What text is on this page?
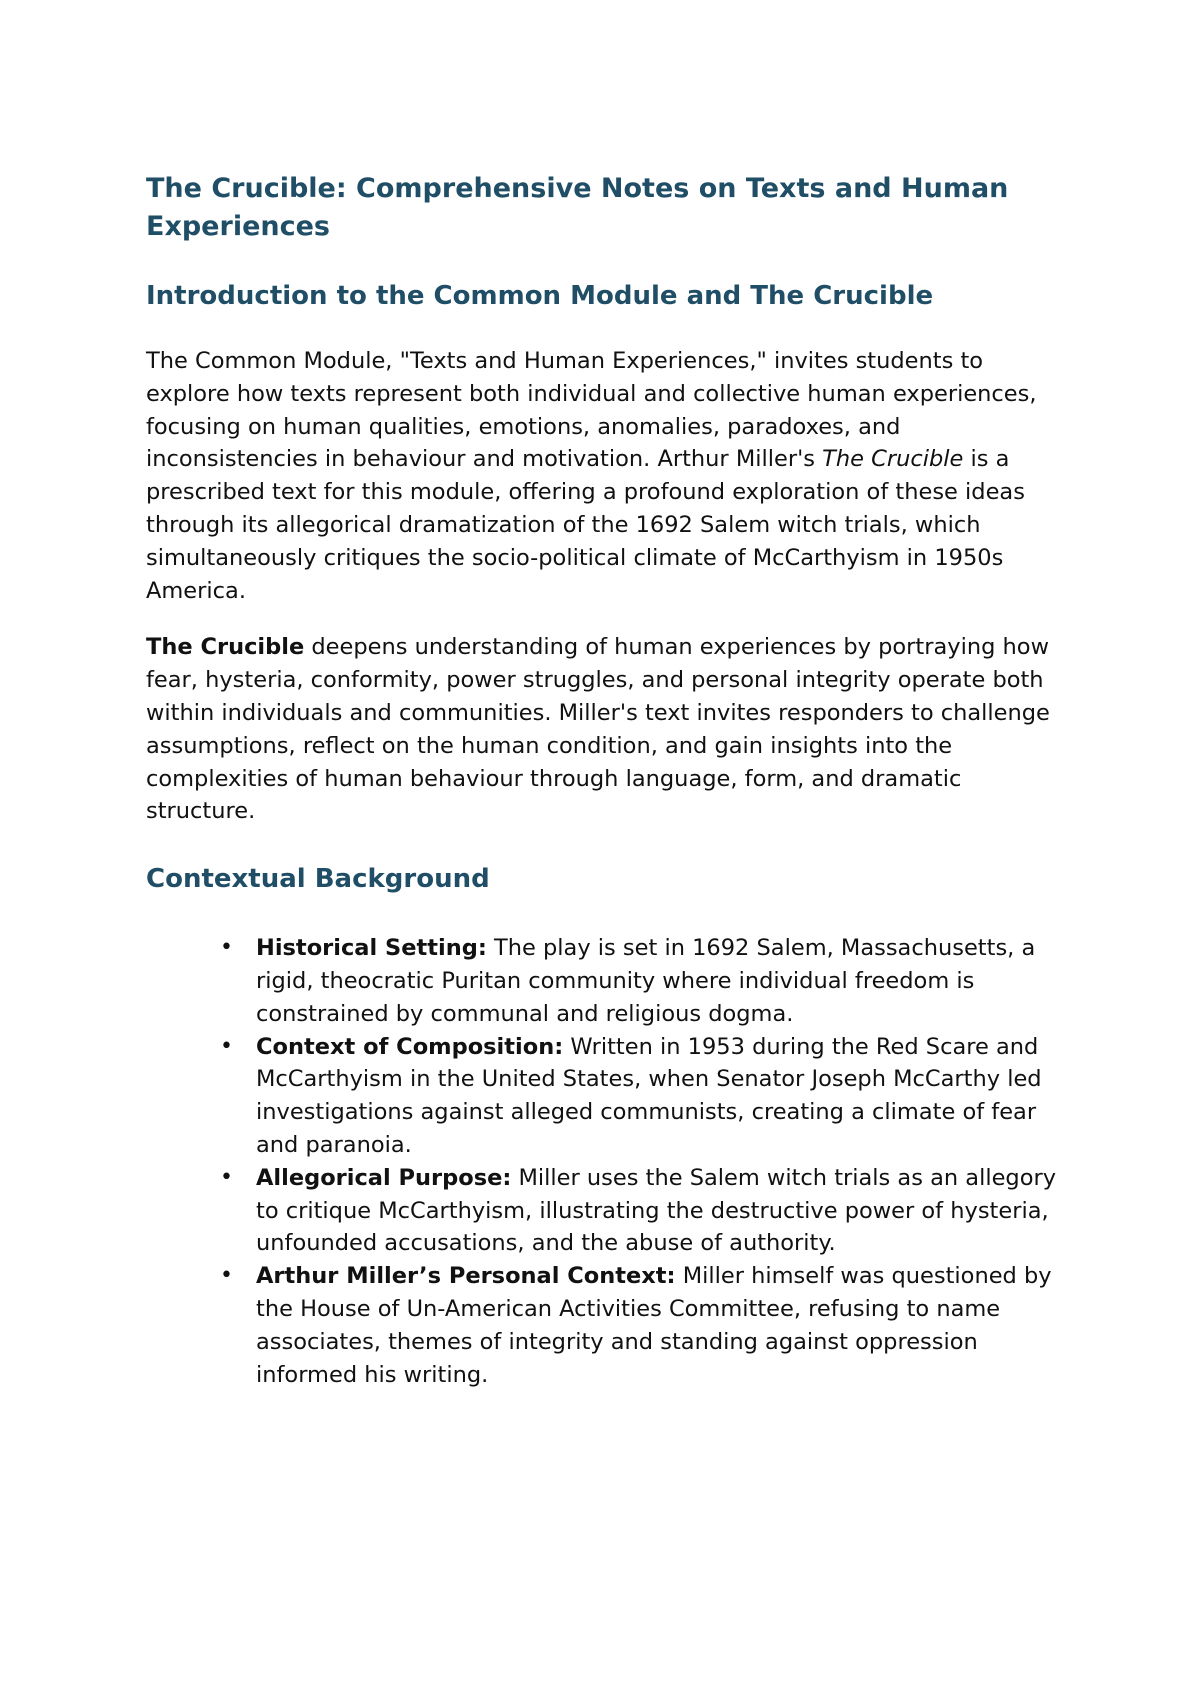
The Crucible: Comprehensive Notes on Texts and Human Experiences
Introduction to the Common Module and The Crucible

The Common Module, "Texts and Human Experiences," invites students to explore how texts represent both individual and collective human experiences, focusing on human qualities, emotions, anomalies, paradoxes, and inconsistencies in behaviour and motivation. Arthur Miller's The Crucible is a prescribed text for this module, offering a profound exploration of these ideas through its allegorical dramatization of the 1692 Salem witch trials, which simultaneously critiques the socio-political climate of McCarthyism in 1950s America.

The Crucible deepens understanding of human experiences by portraying how fear, hysteria, conformity, power struggles, and personal integrity operate both within individuals and communities. Miller's text invites responders to challenge assumptions, reflect on the human condition, and gain insights into the complexities of human behaviour through language, form, and dramatic structure.

Contextual Background
• Historical Setting: The play is set in 1692 Salem, Massachusetts, a rigid, theocratic Puritan community where individual freedom is constrained by communal and religious dogma.
• Context of Composition: Written in 1953 during the Red Scare and McCarthyism in the United States, when Senator Joseph McCarthy led investigations against alleged communists, creating a climate of fear and paranoia.
• Allegorical Purpose: Miller uses the Salem witch trials as an allegory to critique McCarthyism, illustrating the destructive power of hysteria, unfounded accusations, and the abuse of authority.
• Arthur Miller’s Personal Context: Miller himself was questioned by the House of Un-American Activities Committee, refusing to name associates, themes of integrity and standing against oppression informed his writing.
